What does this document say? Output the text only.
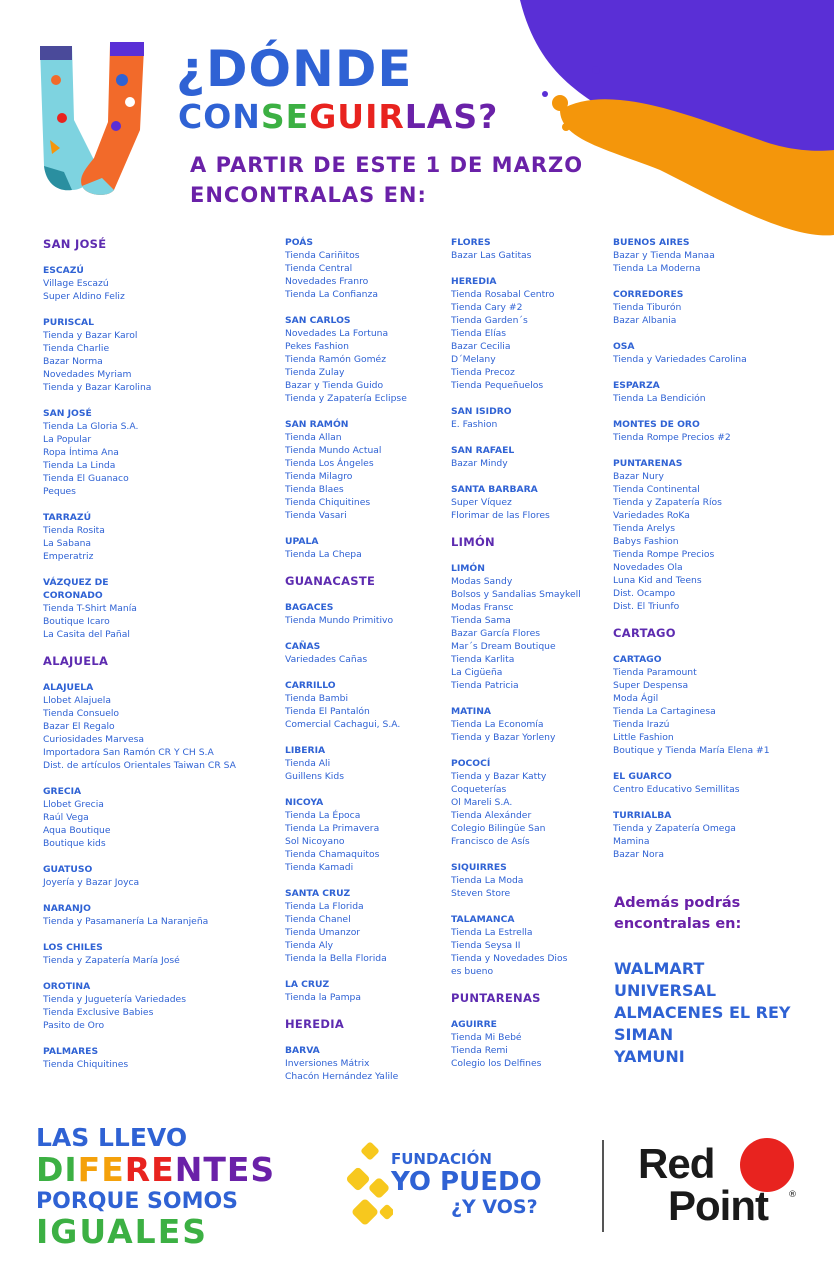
¿DÓNDE
CONSEGUIRLAS?
A PARTIR DE ESTE 1 DE MARZO
ENCONTRALAS EN:
SAN JOSÉ
ESCAZÚ
Village Escazú
Super Aldino Feliz
PURISCAL
Tienda y Bazar Karol
Tienda Charlie
Bazar Norma
Novedades Myriam
Tienda y Bazar Karolina
SAN JOSÉ
Tienda La Gloria S.A.
La Popular
Ropa Íntima Ana
Tienda La Linda
Tienda El Guanaco
Peques
TARRAZÚ
Tienda Rosita
La Sabana
Emperatriz
VÁZQUEZ DE
CORONADO
Tienda T-Shirt Manía
Boutique Icaro
La Casita del Pañal
ALAJUELA
ALAJUELA
Llobet Alajuela
Tienda Consuelo
Bazar El Regalo
Curiosidades Marvesa
Importadora San Ramón CR Y CH S.A
Dist. de artículos Orientales Taiwan CR SA
GRECIA
Llobet Grecia
Raúl Vega
Aqua Boutique
Boutique kids
GUATUSO
Joyería y Bazar Joyca
NARANJO
Tienda y Pasamanería La Naranjeña
LOS CHILES
Tienda y Zapatería María José
OROTINA
Tienda y Juguetería Variedades
Tienda Exclusive Babies
Pasito de Oro
PALMARES
Tienda Chiquitines
POÁS
Tienda Cariñitos
Tienda Central
Novedades Franro
Tienda La Confianza
SAN CARLOS
Novedades La Fortuna
Pekes Fashion
Tienda Ramón Goméz
Tienda Zulay
Bazar y Tienda Guido
Tienda y Zapatería Eclipse
SAN RAMÓN
Tienda Allan
Tienda Mundo Actual
Tienda Los Ángeles
Tienda Milagro
Tienda Blaes
Tienda Chiquitines
Tienda Vasari
UPALA
Tienda La Chepa
GUANACASTE
BAGACES
Tienda Mundo Primitivo
CAÑAS
Variedades Cañas
CARRILLO
Tienda Bambi
Tienda El Pantalón
Comercial Cachagui, S.A.
LIBERIA
Tienda Ali
Guillens Kids
NICOYA
Tienda La Época
Tienda La Primavera
Sol Nicoyano
Tienda Chamaquitos
Tienda Kamadi
SANTA CRUZ
Tienda La Florida
Tienda Chanel
Tienda Umanzor
Tienda Aly
Tienda la Bella Florida
LA CRUZ
Tienda la Pampa
HEREDIA
BARVA
Inversiones Mátrix
Chacón Hernández Yalile
FLORES
Bazar Las Gatitas
HEREDIA
Tienda Rosabal Centro
Tienda Cary #2
Tienda Garden´s
Tienda Elías
Bazar Cecilia
D´Melany
Tienda Precoz
Tienda Pequeñuelos
SAN ISIDRO
E. Fashion
SAN RAFAEL
Bazar Mindy
SANTA BARBARA
Super Víquez
Florimar de las Flores
LIMÓN
LIMÓN
Modas Sandy
Bolsos y Sandalias Smaykell
Modas Fransc
Tienda Sama
Bazar García Flores
Mar´s Dream Boutique
Tienda Karlita
La Cigüeña
Tienda Patricia
MATINA
Tienda La Economía
Tienda y Bazar Yorleny
POCOCÍ
Tienda y Bazar Katty
Coqueterías
Ol Mareli S.A.
Tienda Alexánder
Colegio Bilingüe San
Francisco de Asís
SIQUIRRES
Tienda La Moda
Steven Store
TALAMANCA
Tienda La Estrella
Tienda Seysa II
Tienda y Novedades Dios
es bueno
PUNTARENAS
AGUIRRE
Tienda Mi Bebé
Tienda Remi
Colegio los Delfines
BUENOS AIRES
Bazar y Tienda Manaa
Tienda La Moderna
CORREDORES
Tienda Tiburón
Bazar Albania
OSA
Tienda y Variedades Carolina
ESPARZA
Tienda La Bendición
MONTES DE ORO
Tienda Rompe Precios #2
PUNTARENAS
Bazar Nury
Tienda Continental
Tienda y Zapatería Ríos
Variedades RoKa
Tienda Arelys
Babys Fashion
Tienda Rompe Precios
Novedades Ola
Luna Kid and Teens
Dist. Ocampo
Dist. El Triunfo
CARTAGO
CARTAGO
Tienda Paramount
Super Despensa
Moda Ágil
Tienda La Cartaginesa
Tienda Irazú
Little Fashion
Boutique y Tienda María Elena #1
EL GUARCO
Centro Educativo Semillitas
TURRIALBA
Tienda y Zapatería Omega
Mamina
Bazar Nora
Además podrás
encontralas en:
WALMART
UNIVERSAL
ALMACENES EL REY
SIMAN
YAMUNI
LAS LLEVO
DIFERENTES
PORQUE SOMOS
IGUALES
FUNDACIÓN
YO PUEDO
¿Y VOS?
Red
Point ®
